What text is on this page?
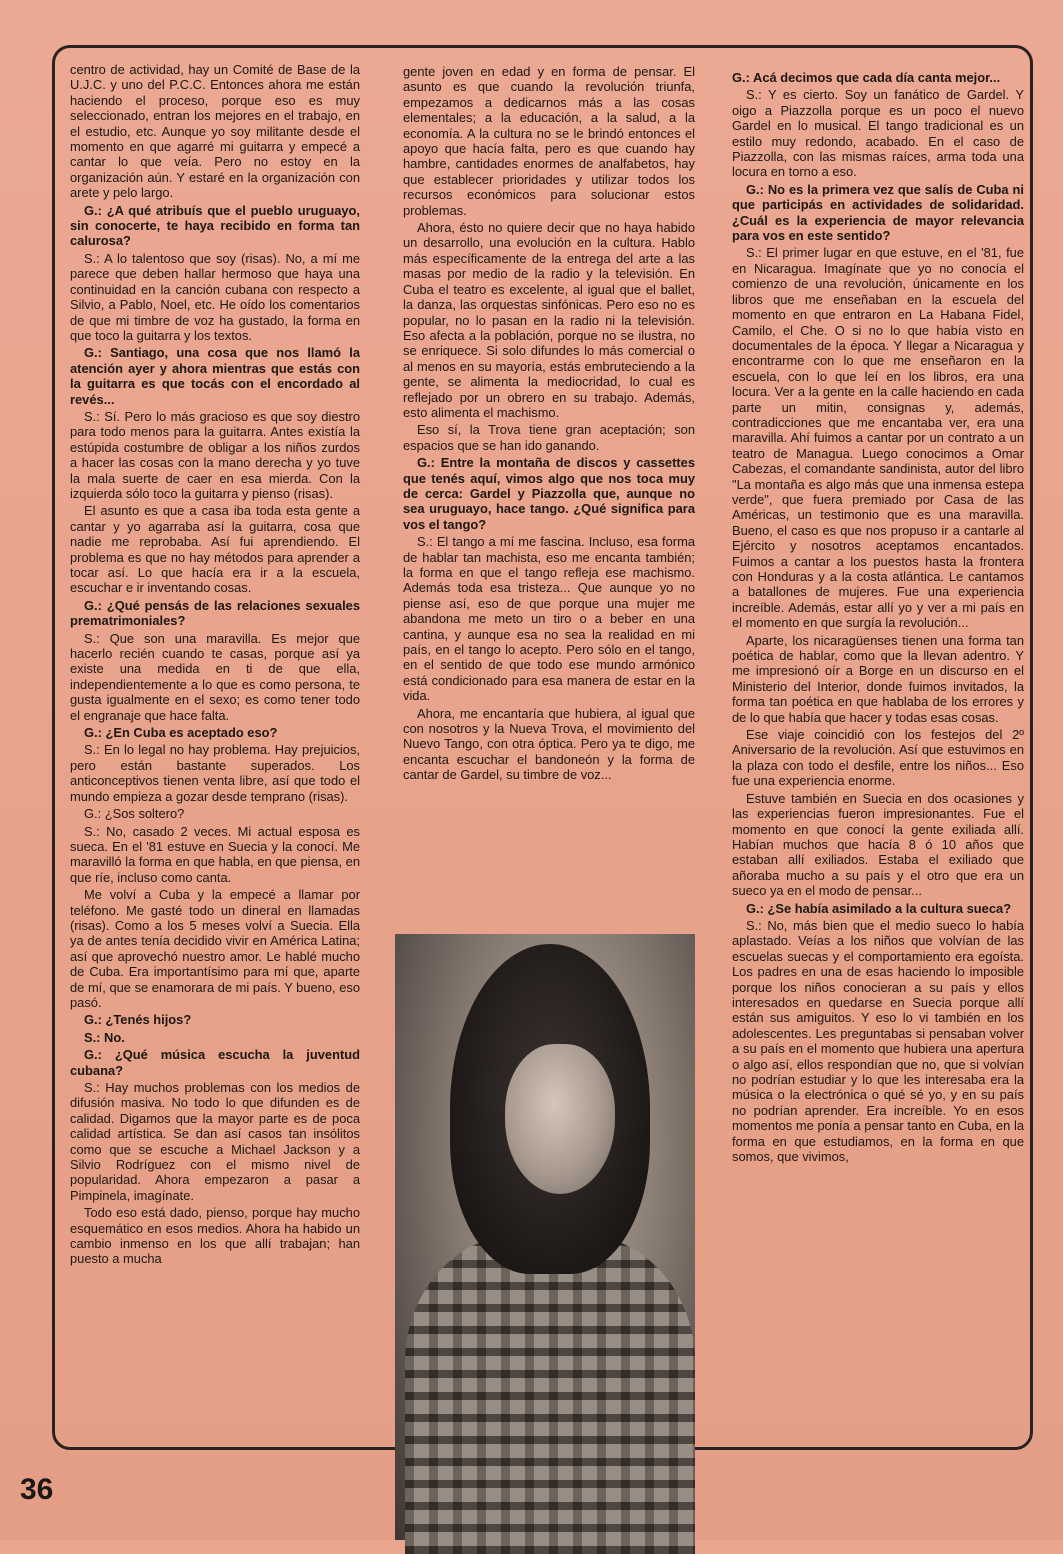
centro de actividad, hay un Comité de Base de la U.J.C. y uno del P.C.C. Entonces ahora me están haciendo el proceso, porque eso es muy seleccionado, entran los mejores en el trabajo, en el estudio, etc. Aunque yo soy militante desde el momento en que agarré mi guitarra y empecé a cantar lo que veía. Pero no estoy en la organización aún. Y estaré en la organización con arete y pelo largo.

G.: ¿A qué atribuís que el pueblo uruguayo, sin conocerte, te haya recibido en forma tan calurosa?

S.: A lo talentoso que soy (risas). No, a mí me parece que deben hallar hermoso que haya una continuidad en la canción cubana con respecto a Silvio, a Pablo, Noel, etc. He oído los comentarios de que mi timbre de voz ha gustado, la forma en que toco la guitarra y los textos.

G.: Santiago, una cosa que nos llamó la atención ayer y ahora mientras que estás con la guitarra es que tocás con el encordado al revés...

S.: Sí. Pero lo más gracioso es que soy diestro para todo menos para la guitarra. Antes existía la estúpida costumbre de obligar a los niños zurdos a hacer las cosas con la mano derecha y yo tuve la mala suerte de caer en esa mierda. Con la izquierda sólo toco la guitarra y pienso (risas).

El asunto es que a casa iba toda esta gente a cantar y yo agarraba así la guitarra, cosa que nadie me reprobaba. Así fui aprendiendo. El problema es que no hay métodos para aprender a tocar así. Lo que hacía era ir a la escuela, escuchar e ir inventando cosas.

G.: ¿Qué pensás de las relaciones sexuales prematrimoniales?

S.: Que son una maravilla. Es mejor que hacerlo recién cuando te casas, porque así ya existe una medida en ti de que ella, independientemente a lo que es como persona, te gusta igualmente en el sexo; es como tener todo el engranaje que hace falta.

G.: ¿En Cuba es aceptado eso?

S.: En lo legal no hay problema. Hay prejuicios, pero están bastante superados. Los anticonceptivos tienen venta libre, así que todo el mundo empieza a gozar desde temprano (risas).

G.: ¿Sos soltero?

S.: No, casado 2 veces. Mi actual esposa es sueca. En el '81 estuve en Suecia y la conocí. Me maravilló la forma en que habla, en que piensa, en que ríe, incluso como canta.

Me volví a Cuba y la empecé a llamar por teléfono. Me gasté todo un dineral en llamadas (risas). Como a los 5 meses volví a Suecia. Ella ya de antes tenía decidido vivir en América Latina; así que aprovechó nuestro amor. Le hablé mucho de Cuba. Era importantísimo para mí que, aparte de mí, que se enamorara de mi país. Y bueno, eso pasó.

G.: ¿Tenés hijos?

S.: No.

G.: ¿Qué música escucha la juventud cubana?

S.: Hay muchos problemas con los medios de difusión masiva. No todo lo que difunden es de calidad. Digamos que la mayor parte es de poca calidad artística. Se dan así casos tan insólitos como que se escuche a Michael Jackson y a Silvio Rodríguez con el mismo nivel de popularidad. Ahora empezaron a pasar a Pimpinela, imagínate.

Todo eso está dado, pienso, porque hay mucho esquemático en esos medios. Ahora ha habido un cambio inmenso en los que allí trabajan; han puesto a mucha

gente joven en edad y en forma de pensar. El asunto es que cuando la revolución triunfa, empezamos a dedicarnos más a las cosas elementales; a la educación, a la salud, a la economía. A la cultura no se le brindó entonces el apoyo que hacía falta, pero es que cuando hay hambre, cantidades enormes de analfabetos, hay que establecer prioridades y utilizar todos los recursos económicos para solucionar estos problemas.

Ahora, ésto no quiere decir que no haya habido un desarrollo, una evolución en la cultura. Hablo más específicamente de la entrega del arte a las masas por medio de la radio y la televisión. En Cuba el teatro es excelente, al igual que el ballet, la danza, las orquestas sinfónicas. Pero eso no es popular, no lo pasan en la radio ni la televisión. Eso afecta a la población, porque no se ilustra, no se enriquece. Si solo difundes lo más comercial o al menos en su mayoría, estás embruteciendo a la gente, se alimenta la mediocridad, lo cual es reflejado por un obrero en su trabajo. Además, esto alimenta el machismo.

Eso sí, la Trova tiene gran aceptación; son espacios que se han ido ganando.

G.: Entre la montaña de discos y cassettes que tenés aquí, vimos algo que nos toca muy de cerca: Gardel y Piazzolla que, aunque no sea uruguayo, hace tango. ¿Qué significa para vos el tango?

S.: El tango a mí me fascina. Incluso, esa forma de hablar tan machista, eso me encanta también; la forma en que el tango refleja ese machismo. Además toda esa tristeza... Que aunque yo no piense así, eso de que porque una mujer me abandona me meto un tiro o a beber en una cantina, y aunque esa no sea la realidad en mi país, en el tango lo acepto. Pero sólo en el tango, en el sentido de que todo ese mundo armónico está condicionado para esa manera de estar en la vida.

Ahora, me encantaría que hubiera, al igual que con nosotros y la Nueva Trova, el movimiento del Nuevo Tango, con otra óptica. Pero ya te digo, me encanta escuchar el bandoneón y la forma de cantar de Gardel, su timbre de voz...

G.: Acá decimos que cada día canta mejor...

S.: Y es cierto. Soy un fanático de Gardel. Y oigo a Piazzolla porque es un poco el nuevo Gardel en lo musical. El tango tradicional es un estilo muy redondo, acabado. En el caso de Piazzolla, con las mismas raíces, arma toda una locura en torno a eso.

G.: No es la primera vez que salís de Cuba ni que participás en actividades de solidaridad. ¿Cuál es la experiencia de mayor relevancia para vos en este sentido?

S.: El primer lugar en que estuve, en el '81, fue en Nicaragua. Imagínate que yo no conocía el comienzo de una revolución, únicamente en los libros que me enseñaban en la escuela del momento en que entraron en La Habana Fidel, Camilo, el Che. O si no lo que había visto en documentales de la época. Y llegar a Nicaragua y encontrarme con lo que me enseñaron en la escuela, con lo que leí en los libros, era una locura. Ver a la gente en la calle haciendo en cada parte un mitin, consignas y, además, contradicciones que me encantaba ver, era una maravilla. Ahí fuimos a cantar por un contrato a un teatro de Managua. Luego conocimos a Omar Cabezas, el comandante sandinista, autor del libro "La montaña es algo más que una inmensa estepa verde", que fuera premiado por Casa de las Américas, un testimonio que es una maravilla. Bueno, el caso es que nos propuso ir a cantarle al Ejército y nosotros aceptamos encantados. Fuimos a cantar a los puestos hasta la frontera con Honduras y a la costa atlántica. Le cantamos a batallones de mujeres. Fue una experiencia increíble. Además, estar allí yo y ver a mi país en el momento en que surgía la revolución...

Aparte, los nicaragüenses tienen una forma tan poética de hablar, como que la llevan adentro. Y me impresionó oír a Borge en un discurso en el Ministerio del Interior, donde fuimos invitados, la forma tan poética en que hablaba de los errores y de lo que había que hacer y todas esas cosas.

Ese viaje coincidió con los festejos del 2º Aniversario de la revolución. Así que estuvimos en la plaza con todo el desfile, entre los niños... Eso fue una experiencia enorme.

Estuve también en Suecia en dos ocasiones y las experiencias fueron impresionantes. Fue el momento en que conocí la gente exiliada allí. Habían muchos que hacía 8 ó 10 años que estaban allí exiliados. Estaba el exiliado que añoraba mucho a su país y el otro que era un sueco ya en el modo de pensar...

G.: ¿Se había asimilado a la cultura sueca?

S.: No, más bien que el medio sueco lo había aplastado. Veías a los niños que volvían de las escuelas suecas y el comportamiento era egoísta. Los padres en una de esas haciendo lo imposible porque los niños conocieran a su país y ellos interesados en quedarse en Suecia porque allí están sus amiguitos. Y eso lo vi también en los adolescentes. Les preguntabas si pensaban volver a su país en el momento que hubiera una apertura o algo así, ellos respondían que no, que si volvían no podrían estudiar y lo que les interesaba era la música o la electrónica o qué sé yo, y en su país no podrían aprender. Era increíble. Yo en esos momentos me ponía a pensar tanto en Cuba, en la forma en que estudiamos, en la forma en que somos, que vivimos,

36
